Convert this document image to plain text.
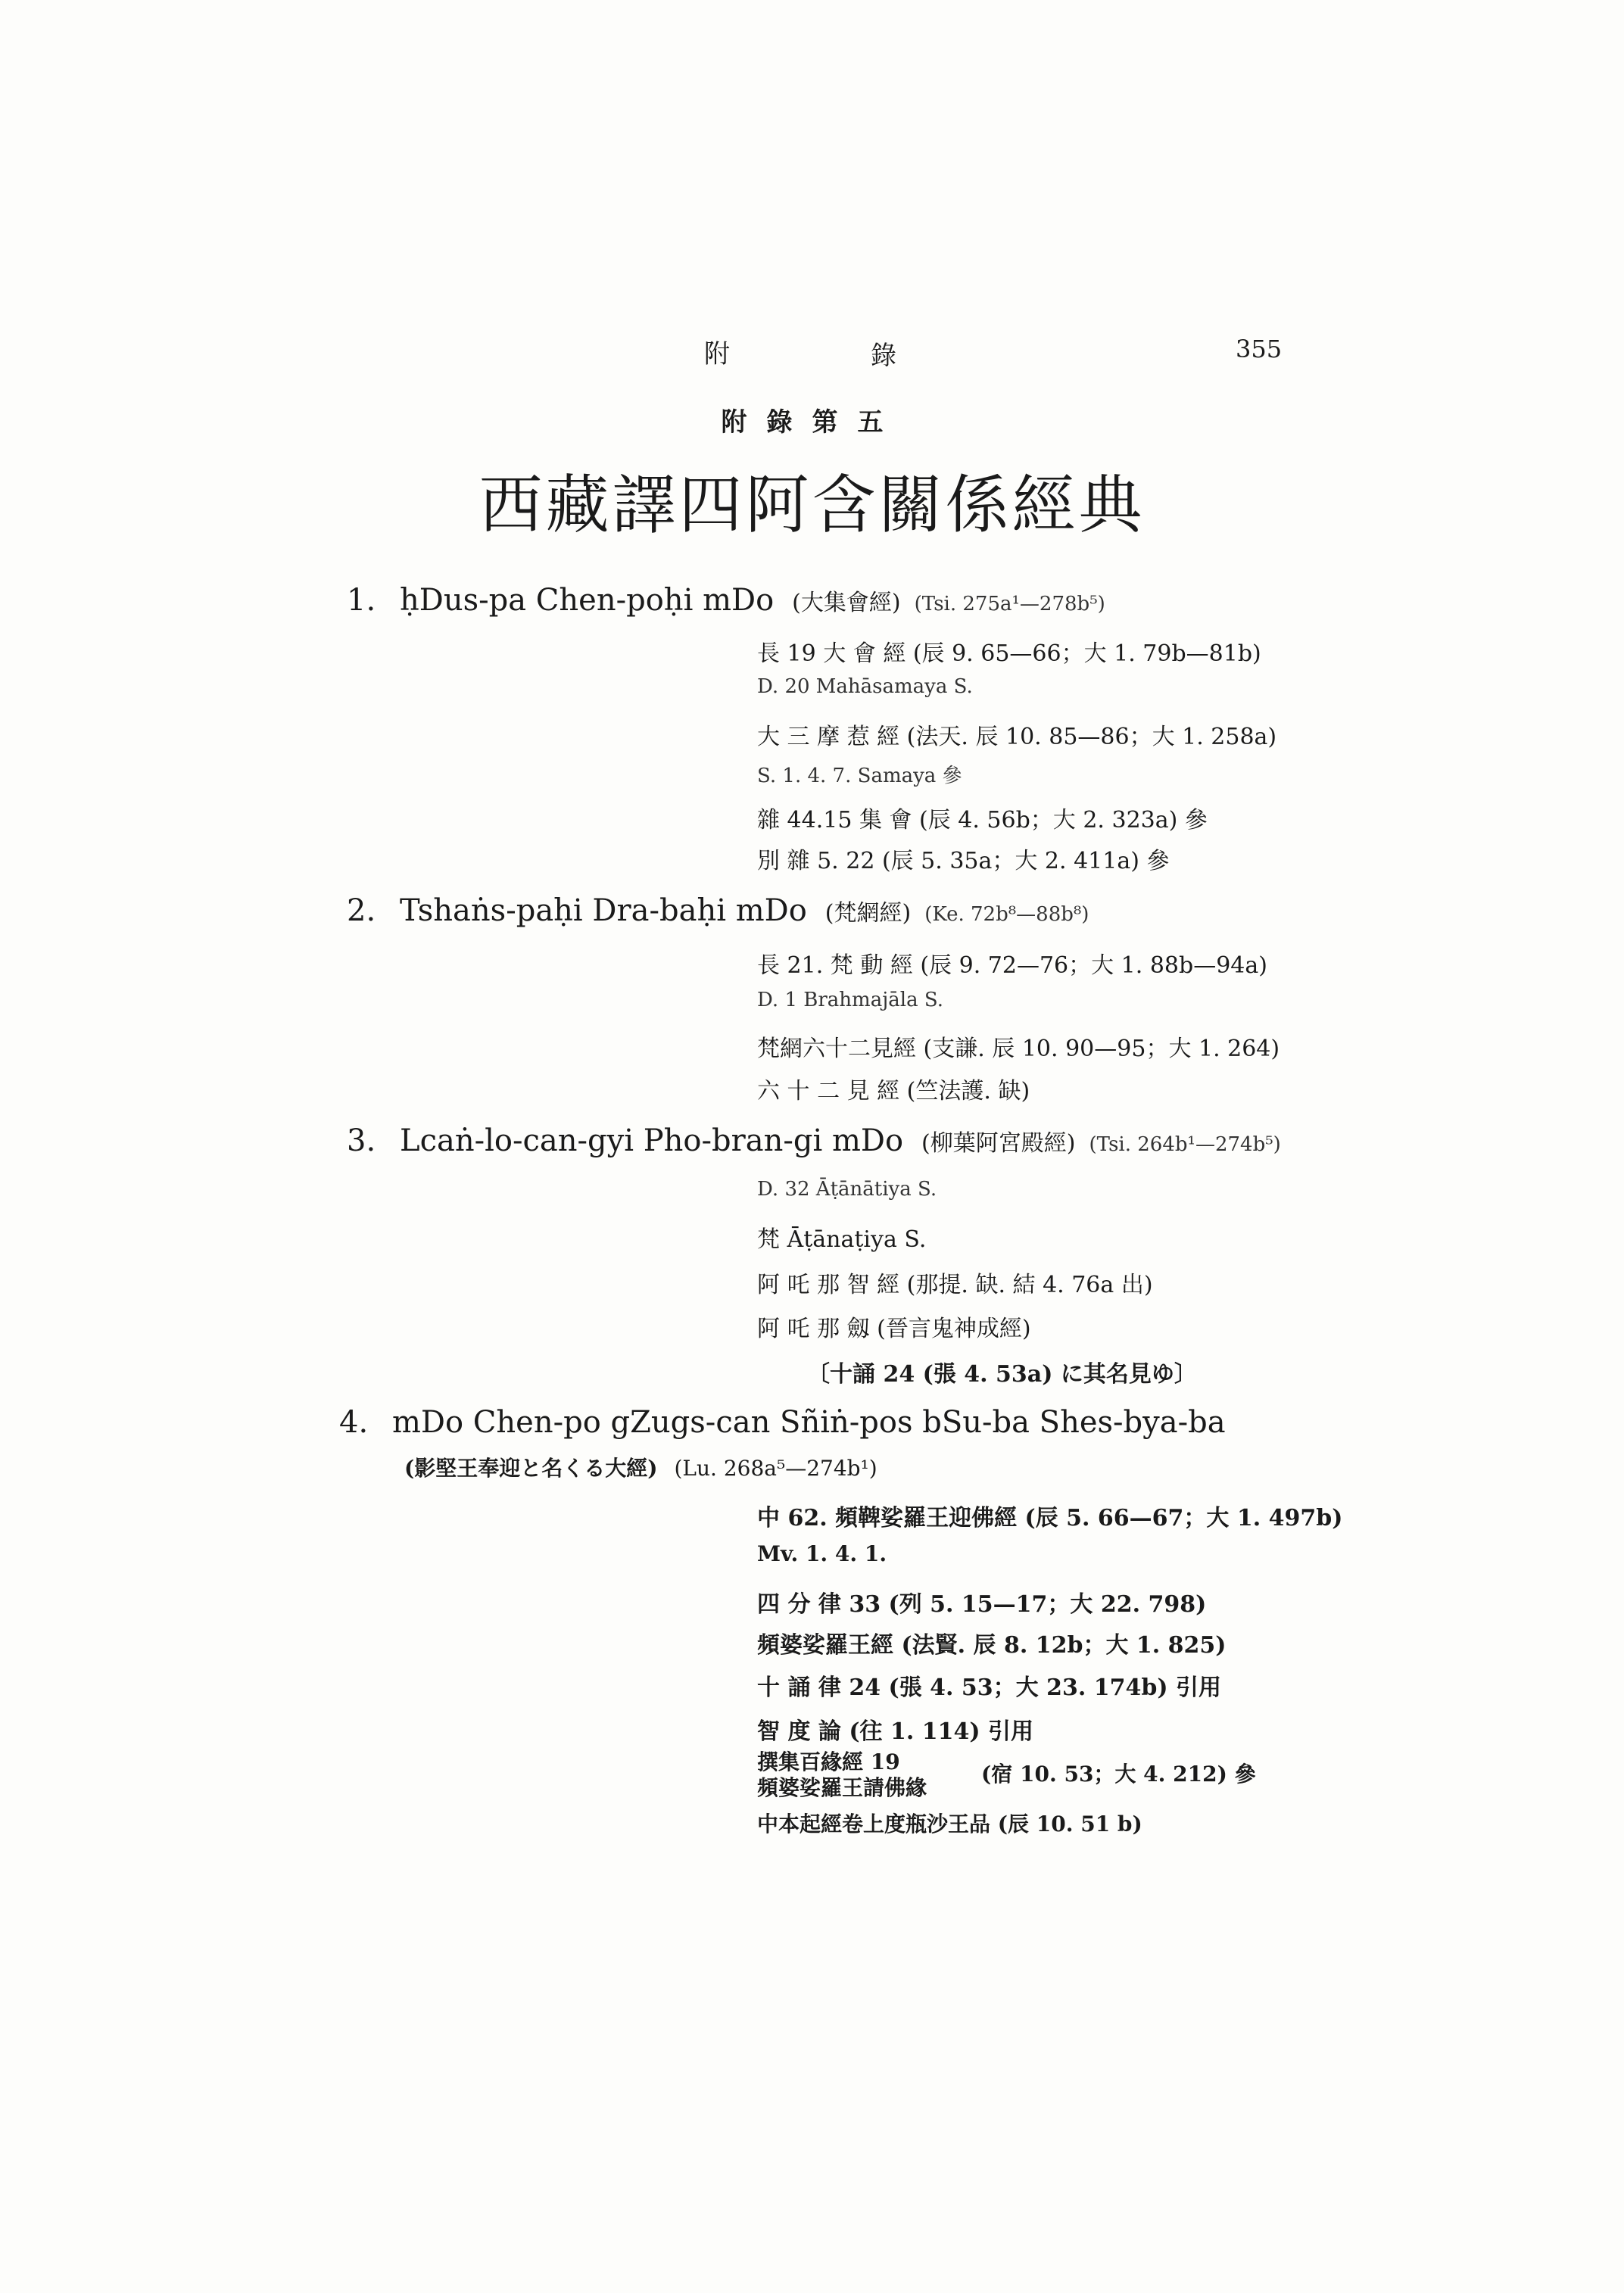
附	錄	355
附錄第五
西藏譯四阿含關係經典
1. ḥDus-pa Chen-poḥi mDo (大集會經) (Tsi. 275a¹—278b⁵)
長 19 大 會 經 (辰 9. 65—66；大 1. 79b—81b)
D. 20 Mahāsamaya S.
大 三 摩 惹 經 (法天. 辰 10. 85—86；大 1. 258a)
S. 1. 4. 7. Samaya 參
雜 44.15 集 會 (辰 4. 56b；大 2. 323a) 參
別 雜 5. 22 (辰 5. 35a；大 2. 411a) 參
2. Tshaṅs-paḥi Dra-baḥi mDo (梵網經) (Ke. 72b⁸—88b⁸)
長 21. 梵 動 經 (辰 9. 72—76；大 1. 88b—94a)
D. 1 Brahmajāla S.
梵網六十二見經 (支謙. 辰 10. 90—95；大 1. 264)
六 十 二 見 經 (竺法護. 缺)
3. Lcaṅ-lo-can-gyi Pho-bran-gi mDo (柳葉阿宮殿經) (Tsi. 264b¹—274b⁵)
D. 32 Āṭānātiya S.
梵 Āṭānaṭiya S.
阿 吒 那 智 經 (那提. 缺. 結 4. 76a 出)
阿 吒 那 劔 (晉言鬼神成經)
〔十誦 24 (張 4. 53a) に其名見ゆ〕
4. mDo Chen-po gZugs-can Sñiṅ-pos bSu-ba Shes-bya-ba
(影堅王奉迎と名くる大經) (Lu. 268a⁵—274b¹)
中 62. 頻鞞娑羅王迎佛經 (辰 5. 66—67；大 1. 497b)
Mv. 1. 4. 1.
四 分 律 33 (列 5. 15—17；大 22. 798)
頻婆娑羅王經 (法賢. 辰 8. 12b；大 1. 825)
十 誦 律 24 (張 4. 53；大 23. 174b) 引用
智 度 論 (往 1. 114) 引用
撰集百緣經 19
頻婆娑羅王請佛緣
(宿 10. 53；大 4. 212) 參
中本起經卷上度瓶沙王品 (辰 10. 51 b)
